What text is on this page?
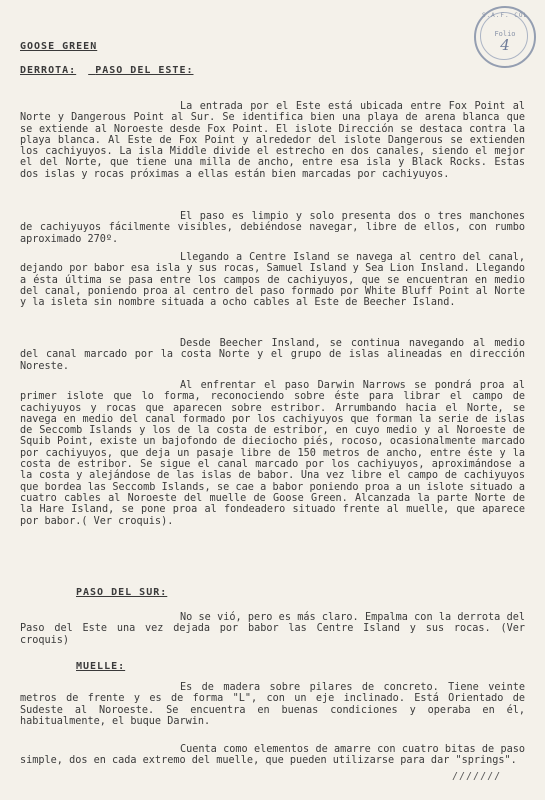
S.A.F. COL
Folio
4
GOOSE GREEN
DERROTA: PASO DEL ESTE:
La entrada por el Este está ubicada entre Fox Point al Norte y Dangerous Point al Sur. Se identifica bien una playa de arena blanca que se extiende al Noroeste desde Fox Point. El islote Dirección se destaca contra la playa blanca. Al Este de Fox Point y alrededor del islote Dangerous se extienden los cachiyuyos. La isla Middle divide el estrecho en dos canales, siendo el mejor el del Norte, que tiene una milla de ancho, entre esa isla y Black Rocks. Estas dos islas y rocas próximas a ellas están bien marcadas por cachiyuyos.
El paso es limpio y solo presenta dos o tres manchones de cachiyuyos fácilmente visibles, debiéndose navegar, libre de ellos, con rumbo aproximado 270º.
Llegando a Centre Island se navega al centro del canal, dejando por babor esa isla y sus rocas, Samuel Island y Sea Lion Insland. Llegando a ésta última se pasa entre los campos de cachiyuyos, que se encuentran en medio del canal, poniendo proa al centro del paso formado por White Bluff Point al Norte y la isleta sin nombre situada a ocho cables al Este de Beecher Island.
Desde Beecher Insland, se continua navegando al medio del canal marcado por la costa Norte y el grupo de islas alineadas en dirección Noreste.
Al enfrentar el paso Darwin Narrows se pondrá proa al primer islote que lo forma, reconociendo sobre éste para librar el campo de cachiyuyos y rocas que aparecen sobre estribor. Arrumbando hacia el Norte, se navega en medio del canal formado por los cachiyuyos que forman la serie de islas de Seccomb Islands y los de la costa de estribor, en cuyo medio y al Noroeste de Squib Point, existe un bajofondo de dieciocho piés, rocoso, ocasionalmente marcado por cachiyuyos, que deja un pasaje libre de 150 metros de ancho, entre éste y la costa de estribor. Se sigue el canal marcado por los cachiyuyos, aproximándose a la costa y alejándose de las islas de babor. Una vez libre el campo de cachiyuyos que bordea las Seccomb Islands, se cae a babor poniendo proa a un islote situado a cuatro cables al Noroeste del muelle de Goose Green. Alcanzada la parte Norte de la Hare Island, se pone proa al fondeadero situado frente al muelle, que aparece por babor.( Ver croquis).
PASO DEL SUR:
No se vió, pero es más claro. Empalma con la derrota del Paso del Este una vez dejada por babor las Centre Island y sus rocas. (Ver croquis)
MUELLE:
Es de madera sobre pilares de concreto. Tiene veinte metros de frente y es de forma "L", con un eje inclinado. Está Orientado de Sudeste al Noroeste. Se encuentra en buenas condiciones y operaba en él, habitualmente, el buque Darwin.
Cuenta como elementos de amarre con cuatro bitas de paso simple, dos en cada extremo del muelle, que pueden utilizarse para dar "springs".
///////
